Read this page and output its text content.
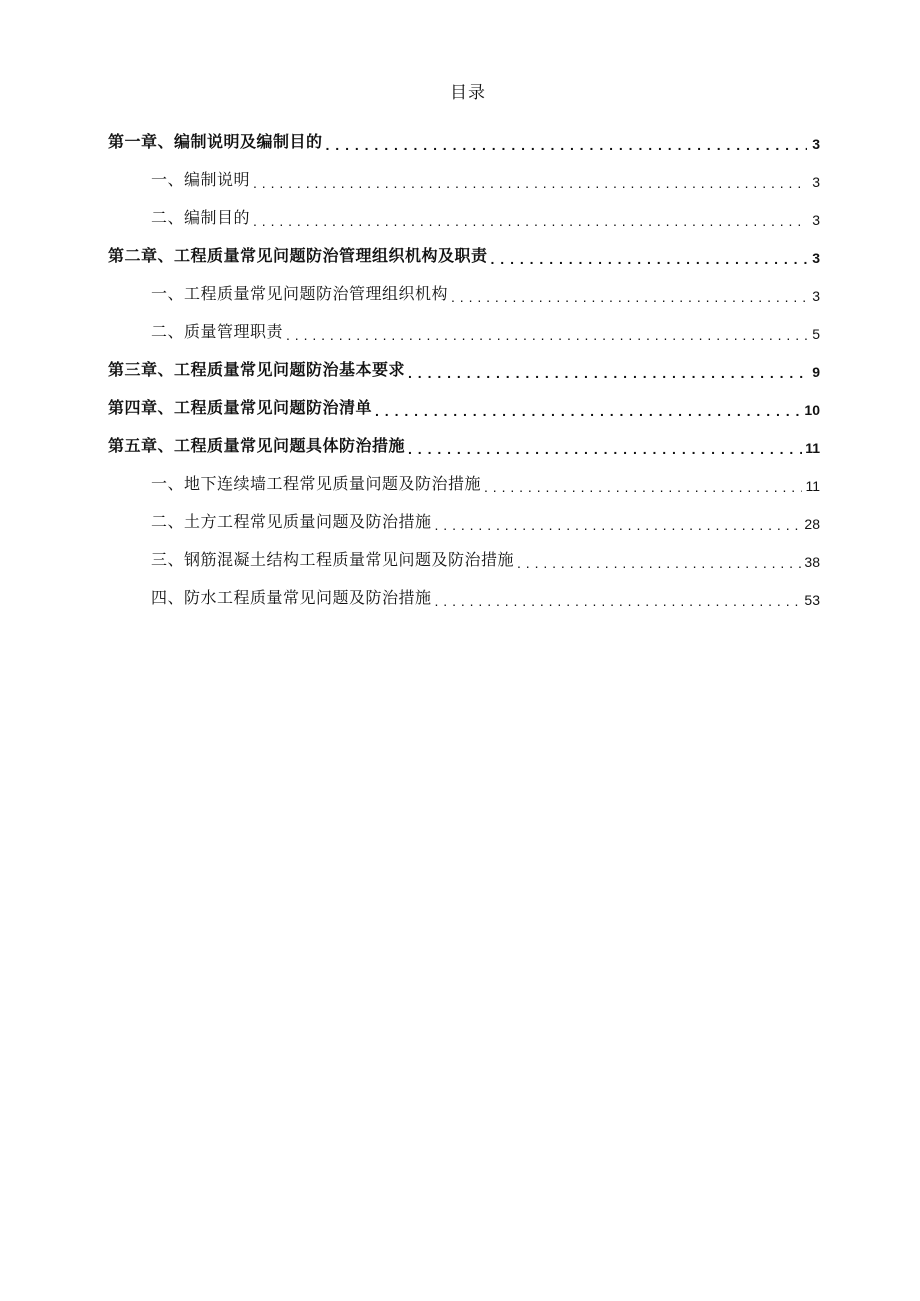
目录
第一章、编制说明及编制目的 . . .	3
一、编制说明 . . .	3
二、编制目的 . . .	3
第二章、工程质量常见问题防治管理组织机构及职责 . . .	3
一、工程质量常见问题防治管理组织机构 . . .	3
二、质量管理职责 . . .	5
第三章、工程质量常见问题防治基本要求 . . .	9
第四章、工程质量常见问题防治清单 . . .	10
第五章、工程质量常见问题具体防治措施 . . .	11
一、地下连续墙工程常见质量问题及防治措施 . . .	11
二、土方工程常见质量问题及防治措施 . . .	28
三、钢筋混凝土结构工程质量常见问题及防治措施 . . .	38
四、防水工程质量常见问题及防治措施 . . .	53
